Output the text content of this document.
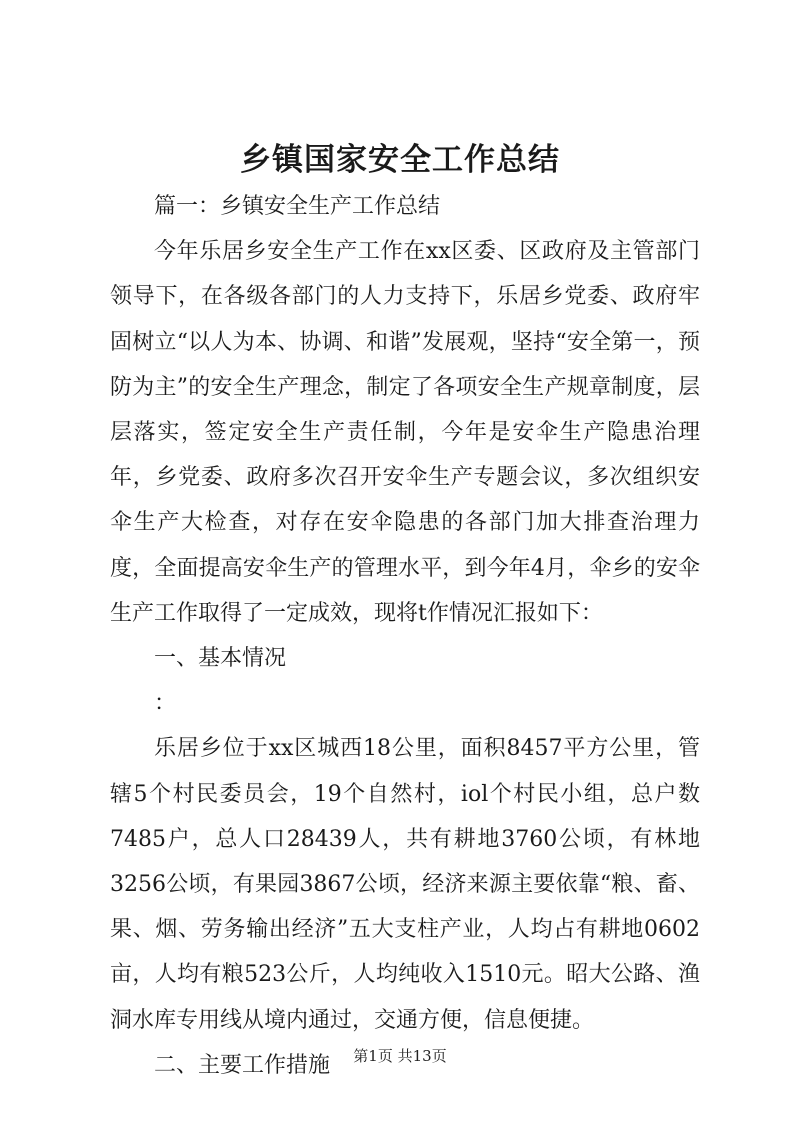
乡镇国家安全工作总结

篇一：乡镇安全生产工作总结

今年乐居乡安全生产工作在xx区委、区政府及主管部门领导下，在各级各部门的人力支持下，乐居乡党委、政府牢固树立“以人为本、协调、和谐”发展观，坚持“安全第一，预防为主”的安全生产理念，制定了各项安全生产规章制度，层层落实，签定安全生产责任制，今年是安伞生产隐患治理年，乡党委、政府多次召开安伞生产专题会议，多次组织安伞生产大检查，对存在安伞隐患的各部门加大排查治理力度，全面提高安伞生产的管理水平，到今年4月，伞乡的安伞生产工作取得了一定成效，现将t作情况汇报如下：

一、基本情况

：

乐居乡位于xx区城西18公里，面积8457平方公里，管辖5个村民委员会，19个自然村，iol个村民小组，总户数7485户，总人口28439人，共有耕地3760公顷，有林地3256公顷，有果园3867公顷，经济来源主要依靠“粮、畜、果、烟、劳务输出经济”五大支柱产业，人均占有耕地0602亩，人均有粮523公斤，人均纯收入1510元。昭大公路、渔洞水库专用线从境内通过，交通方便，信息便捷。

二、主要工作措施	第1页 共13页
